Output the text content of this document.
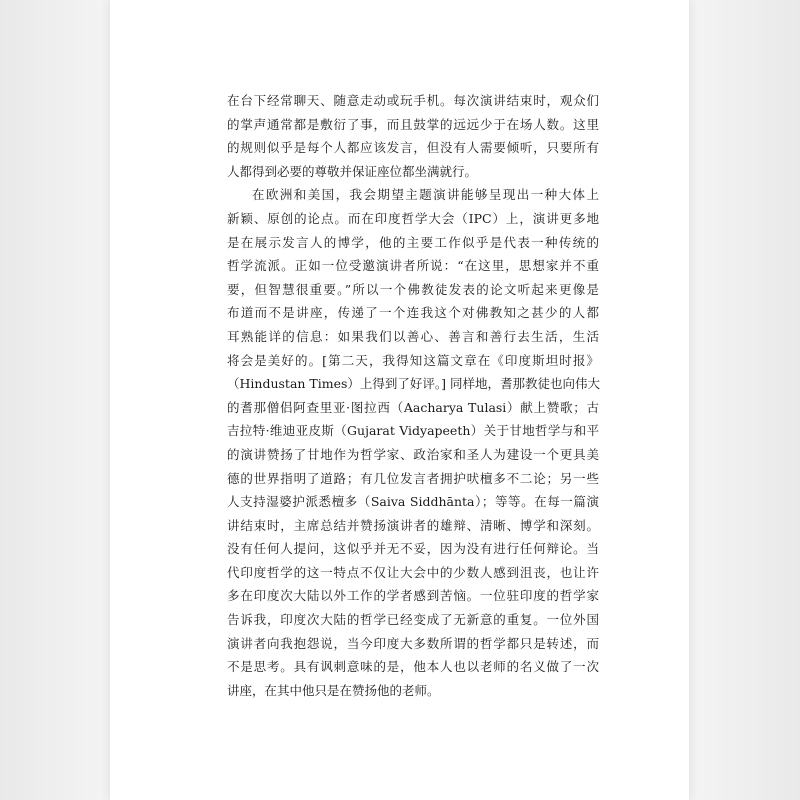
在台下经常聊天、随意走动或玩手机。每次演讲结束时，观众们
的掌声通常都是敷衍了事，而且鼓掌的远远少于在场人数。这里
的规则似乎是每个人都应该发言，但没有人需要倾听，只要所有
人都得到必要的尊敬并保证座位都坐满就行。
在欧洲和美国，我会期望主题演讲能够呈现出一种大体上
新颖、原创的论点。而在印度哲学大会（IPC）上，演讲更多地
是在展示发言人的博学，他的主要工作似乎是代表一种传统的
哲学流派。正如一位受邀演讲者所说：“在这里，思想家并不重
要，但智慧很重要。”所以一个佛教徒发表的论文听起来更像是
布道而不是讲座，传递了一个连我这个对佛教知之甚少的人都
耳熟能详的信息：如果我们以善心、善言和善行去生活，生活
将会是美好的。[第二天，我得知这篇文章在《印度斯坦时报》
（Hindustan Times）上得到了好评。] 同样地，耆那教徒也向伟大
的耆那僧侣阿查里亚·图拉西（Aacharya Tulasi）献上赞歌；古
吉拉特·维迪亚皮斯（Gujarat Vidyapeeth）关于甘地哲学与和平
的演讲赞扬了甘地作为哲学家、政治家和圣人为建设一个更具美
德的世界指明了道路；有几位发言者拥护吠檀多不二论；另一些
人支持湿婆护派悉檀多（Saiva Siddhānta）；等等。在每一篇演
讲结束时，主席总结并赞扬演讲者的雄辩、清晰、博学和深刻。
没有任何人提问，这似乎并无不妥，因为没有进行任何辩论。当
代印度哲学的这一特点不仅让大会中的少数人感到沮丧，也让许
多在印度次大陆以外工作的学者感到苦恼。一位驻印度的哲学家
告诉我，印度次大陆的哲学已经变成了无新意的重复。一位外国
演讲者向我抱怨说，当今印度大多数所谓的哲学都只是转述，而
不是思考。具有讽刺意味的是，他本人也以老师的名义做了一次
讲座，在其中他只是在赞扬他的老师。
